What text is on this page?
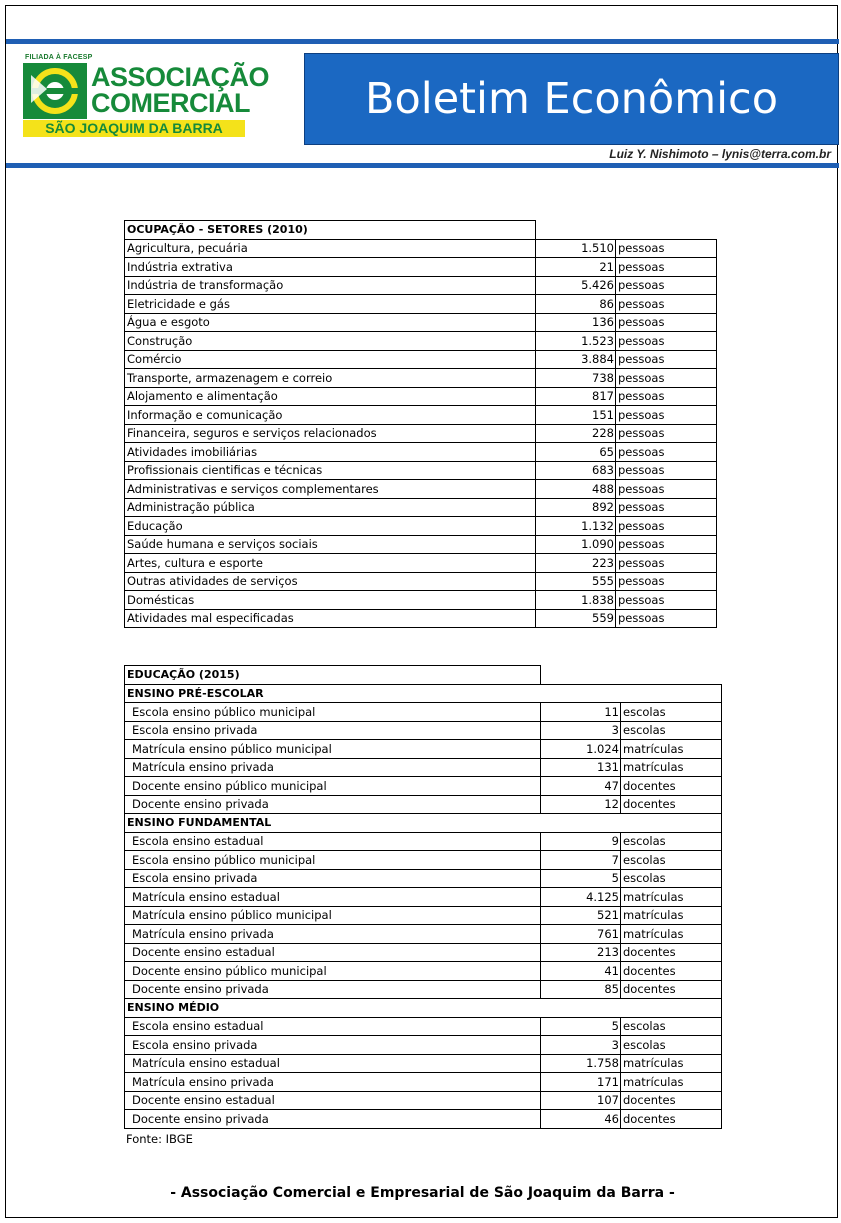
FILIADA À FACESP
ASSOCIAÇÃO
COMERCIAL
SÃO JOAQUIM DA BARRA
Boletim Econômico
Luiz Y. Nishimoto – lynis@terra.com.br
OCUPAÇÃO - SETORES (2010)		
Agricultura, pecuária	1.510	pessoas
Indústria extrativa	21	pessoas
Indústria de transformação	5.426	pessoas
Eletricidade e gás	86	pessoas
Água e esgoto	136	pessoas
Construção	1.523	pessoas
Comércio	3.884	pessoas
Transporte, armazenagem e correio	738	pessoas
Alojamento e alimentação	817	pessoas
Informação e comunicação	151	pessoas
Financeira, seguros e serviços relacionados	228	pessoas
Atividades imobiliárias	65	pessoas
Profissionais cientificas e técnicas	683	pessoas
Administrativas e serviços complementares	488	pessoas
Administração pública	892	pessoas
Educação	1.132	pessoas
Saúde humana e serviços sociais	1.090	pessoas
Artes, cultura e esporte	223	pessoas
Outras atividades de serviços	555	pessoas
Domésticas	1.838	pessoas
Atividades mal especificadas	559	pessoas
EDUCAÇÃO (2015)		
ENSINO PRÉ-ESCOLAR		
Escola ensino público municipal	11	escolas
Escola ensino privada	3	escolas
Matrícula ensino público municipal	1.024	matrículas
Matrícula ensino privada	131	matrículas
Docente ensino público municipal	47	docentes
Docente ensino privada	12	docentes
ENSINO FUNDAMENTAL		
Escola ensino estadual	9	escolas
Escola ensino público municipal	7	escolas
Escola ensino privada	5	escolas
Matrícula ensino estadual	4.125	matrículas
Matrícula ensino público municipal	521	matrículas
Matrícula ensino privada	761	matrículas
Docente ensino estadual	213	docentes
Docente ensino público municipal	41	docentes
Docente ensino privada	85	docentes
ENSINO MÉDIO		
Escola ensino estadual	5	escolas
Escola ensino privada	3	escolas
Matrícula ensino estadual	1.758	matrículas
Matrícula ensino privada	171	matrículas
Docente ensino estadual	107	docentes
Docente ensino privada	46	docentes
Fonte: IBGE
- Associação Comercial e Empresarial de São Joaquim da Barra -
